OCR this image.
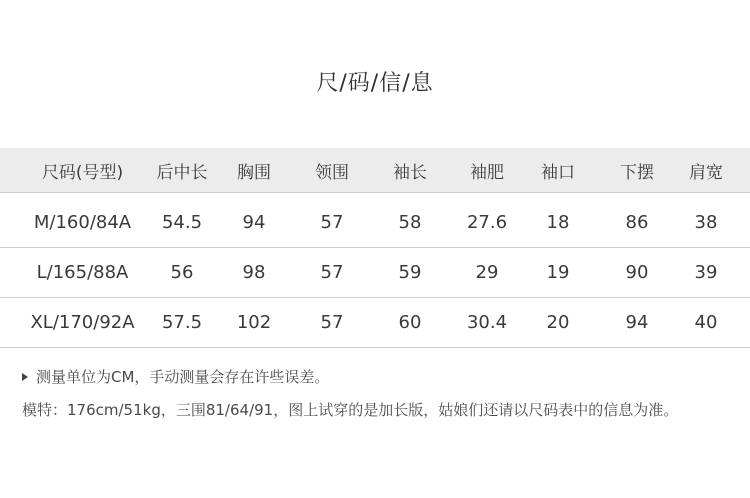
尺/码/信/息
尺码(号型)	后中长	胸围	领围	袖长	袖肥	袖口	下摆	肩宽
M/160/84A	54.5	94	57	58	27.6	18	86	38
L/165/88A	56	98	57	59	29	19	90	39
XL/170/92A	57.5	102	57	60	30.4	20	94	40
测量单位为CM，手动测量会存在许些误差。
模特：176cm/51kg，三围81/64/91，图上试穿的是加长版，姑娘们还请以尺码表中的信息为准。
